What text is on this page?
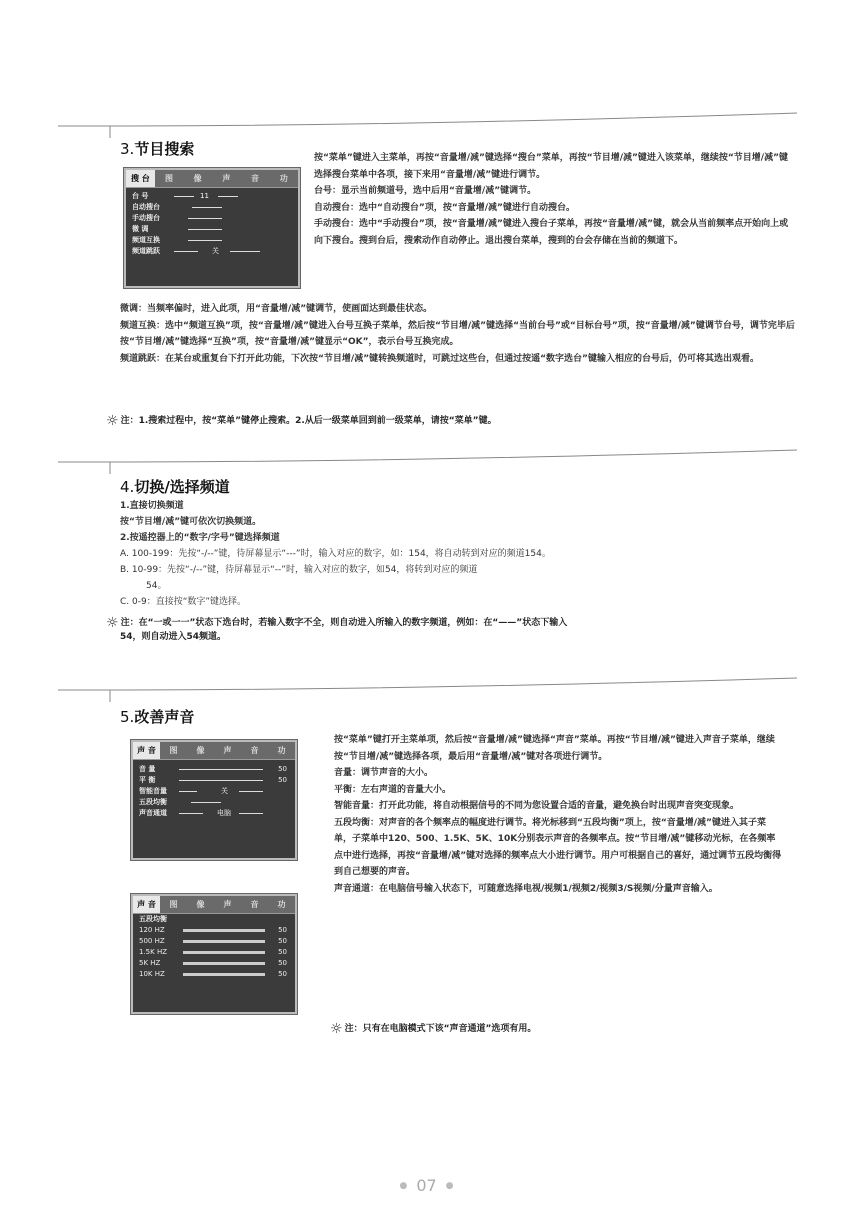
3.节目搜索
搜 台	图	像	声	音	功
台 号	11
自动搜台
手动搜台
微 调
频道互换
频道跳跃	关

按“菜单”键进入主菜单，再按“音量增/减”键选择“搜台”菜单，再按“节目增/减”键进入该菜单，继续按“节目增/减”键选择搜台菜单中各项，接下来用“音量增/减”键进行调节。

台号：显示当前频道号，选中后用“音量增/减”键调节。

自动搜台：选中“自动搜台”项，按“音量增/减”键进行自动搜台。

手动搜台：选中“手动搜台”项，按“音量增/减”键进入搜台子菜单，再按“音量增/减”键，就会从当前频率点开始向上或向下搜台。搜到台后，搜索动作自动停止。退出搜台菜单，搜到的台会存储在当前的频道下。

微调：当频率偏时，进入此项，用“音量增/减”键调节，使画面达到最佳状态。

频道互换：选中“频道互换”项，按“音量增/减”键进入台号互换子菜单，然后按“节目增/减”键选择“当前台号”或“目标台号”项，按“音量增/减”键调节台号，调节完毕后按“节目增/减”键选择“互换”项，按“音量增/减”键显示“OK”，表示台号互换完成。

频道跳跃：在某台或重复台下打开此功能，下次按“节目增/减”键转换频道时，可跳过这些台，但通过按遥“数字选台”键输入相应的台号后，仍可将其选出观看。

☼ 注：1.搜索过程中，按“菜单”键停止搜索。2.从后一级菜单回到前一级菜单，请按“菜单”键。
4.切换/选择频道

1.直接切换频道

按“节目增/减”键可依次切换频道。

2.按遥控器上的“数字/字号”键选择频道

A. 100-199：先按“-/--”键，待屏幕显示“---”时，输入对应的数字，如：154，将自动转到对应的频道154。

B. 10-99：先按“-/--”键，待屏幕显示“--”时，输入对应的数字，如54，将转到对应的频道

54。

C. 0-9：直接按“数字”键选择。

☼ 注：在“一或一一”状态下选台时，若输入数字不全，则自动进入所输入的数字频道，例如：在“——”状态下输入
54，则自动进入54频道。
5.改善声音
声 音	图	像	声	音	功
音 量	50
平 衡	50
智能音量	关
五段均衡
声音通道	电脑
声 音	图	像	声	音	功
五段均衡
120 HZ	50
500 HZ	50
1.5K HZ	50
5K HZ	50
10K HZ	50

按“菜单”键打开主菜单项，然后按“音量增/减”键选择“声音”菜单。再按“节目增/减”键进入声音子菜单，继续按“节目增/减”键选择各项，最后用“音量增/减”键对各项进行调节。

音量：调节声音的大小。

平衡：左右声道的音量大小。

智能音量：打开此功能，将自动根据信号的不同为您设置合适的音量，避免换台时出现声音突变现象。

五段均衡：对声音的各个频率点的幅度进行调节。将光标移到“五段均衡”项上，按“音量增/减”键进入其子菜单，子菜单中120、500、1.5K、5K、10K分别表示声音的各频率点。按“节目增/减”键移动光标，在各频率点中进行选择，再按“音量增/减”键对选择的频率点大小进行调节。用户可根据自己的喜好，通过调节五段均衡得到自己想要的声音。

声音通道：在电脑信号输入状态下，可随意选择电视/视频1/视频2/视频3/S视频/分量声音输入。

☼ 注：只有在电脑模式下该“声音通道”选项有用。
● 07 ●
